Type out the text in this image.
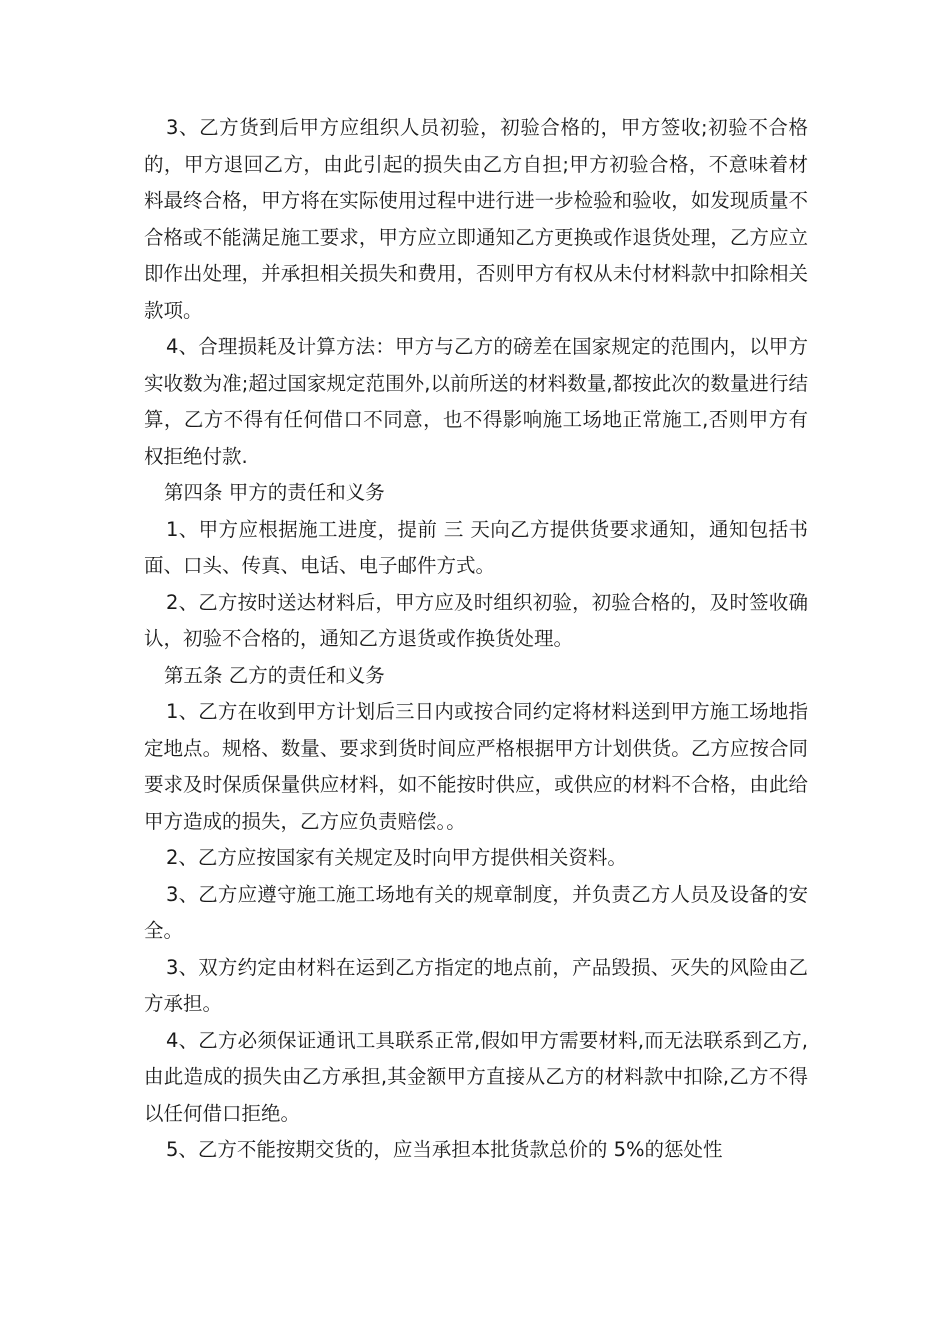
3、乙方货到后甲方应组织人员初验，初验合格的，甲方签收;初验不合格的，甲方退回乙方，由此引起的损失由乙方自担;甲方初验合格，不意味着材料最终合格，甲方将在实际使用过程中进行进一步检验和验收，如发现质量不合格或不能满足施工要求，甲方应立即通知乙方更换或作退货处理，乙方应立即作出处理，并承担相关损失和费用，否则甲方有权从未付材料款中扣除相关款项。

4、合理损耗及计算方法：甲方与乙方的磅差在国家规定的范围内，以甲方实收数为准;超过国家规定范围外,以前所送的材料数量,都按此次的数量进行结算，乙方不得有任何借口不同意，也不得影响施工场地正常施工,否则甲方有权拒绝付款.

第四条 甲方的责任和义务

1、甲方应根据施工进度，提前 三 天向乙方提供货要求通知，通知包括书面、口头、传真、电话、电子邮件方式。

2、乙方按时送达材料后，甲方应及时组织初验，初验合格的，及时签收确认，初验不合格的，通知乙方退货或作换货处理。

第五条 乙方的责任和义务

1、乙方在收到甲方计划后三日内或按合同约定将材料送到甲方施工场地指定地点。规格、数量、要求到货时间应严格根据甲方计划供货。乙方应按合同要求及时保质保量供应材料，如不能按时供应，或供应的材料不合格，由此给甲方造成的损失，乙方应负责赔偿。。

2、乙方应按国家有关规定及时向甲方提供相关资料。

3、乙方应遵守施工施工场地有关的规章制度，并负责乙方人员及设备的安全。

3、双方约定由材料在运到乙方指定的地点前，产品毁损、灭失的风险由乙方承担。

4、乙方必须保证通讯工具联系正常,假如甲方需要材料,而无法联系到乙方,由此造成的损失由乙方承担,其金额甲方直接从乙方的材料款中扣除,乙方不得以任何借口拒绝。

5、乙方不能按期交货的，应当承担本批货款总价的 5%的惩处性
